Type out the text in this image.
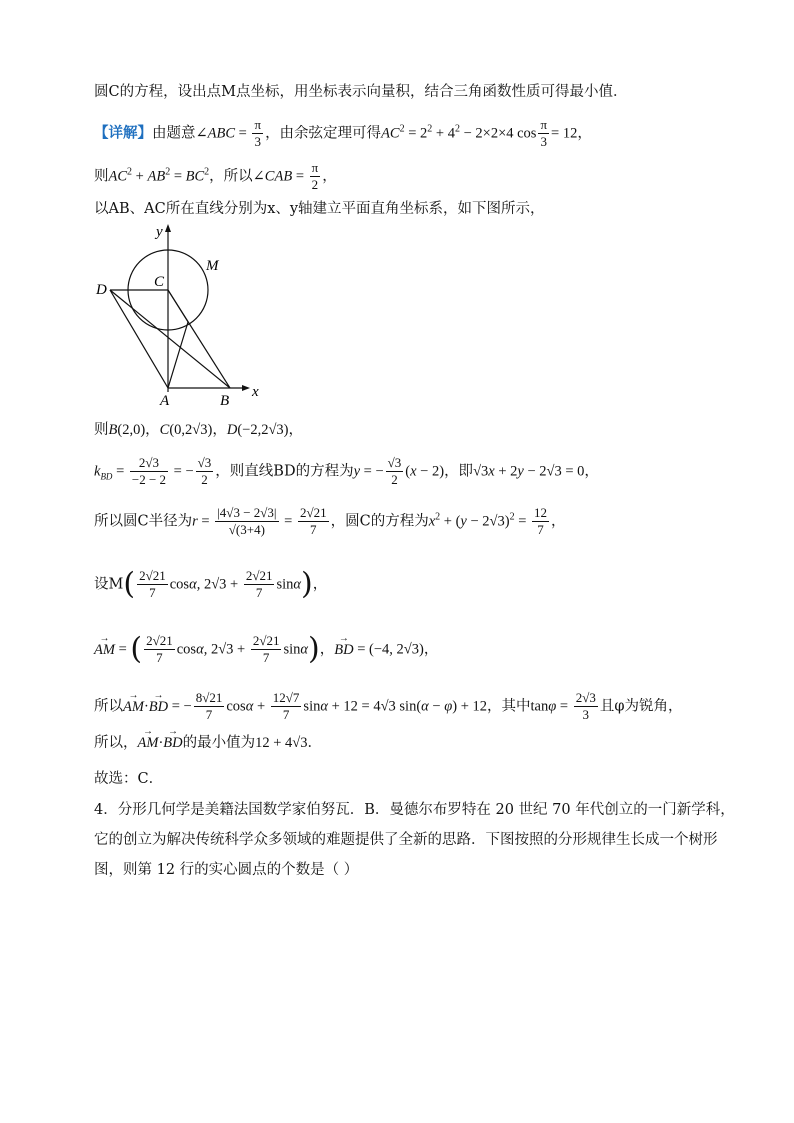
圆C的方程，设出点M点坐标，用坐标表示向量积，结合三角函数性质可得最小值．
【详解】由题意∠ABC = $\frac{\pi}{3}$ ，由余弦定理可得$AC^2 = 2^2 + 4^2 - 2\times 2\times 4$ $\cos \frac{\pi}{3} = 12$，
则$AC^2 + AB^2 = BC^2$，所以∠CAB = $\frac{\pi}{2}$ ，
以AB、AC所在直线分别为x、y轴建立平面直角坐标系，如下图所示，
y
x
C
M
D
A	B
则B(2,0)，C(0,2√3)，D(−2,2√3)，
$k_{BD} = \frac{2√3}{-2 - 2}$ = − $\frac{√3}{2}$ ，则直线BD的方程为y = − $\frac{√3}{2} (x - 2)$，即√3x + 2y − 2√3 = 0，
所以圆C半径为$r = \frac{|4√3 - 2√3|}{√(3+4)} = \frac{2√21}{7}$ ，圆C的方程为$x^2 + (y - 2√3)^2 = \frac{12}{7}$ ，
设$M( \frac{2√21}{7} \cos\alpha$, $2√3 + \frac{2√21}{7} \sin\alpha$)，
→ AM = ( $\frac{2√21}{7} \cos\alpha$, $2√3 + \frac{2√21}{7} \sin\alpha$)，→ BD = (−4, 2√3)，
所以→ AM·→ BD = − $\frac{8√21}{7}$ $\cos\alpha + \frac{12√7}{7}$ sinα + 12 = 4√3 sin(α − φ) + 12，其中$\tan\varphi = \frac{2√3}{3}$ 且φ为锐角，
所以，→ AM·→ BD的最小值为12 + 4√3．
故选：C．
4．分形几何学是美籍法国数学家伯努瓦．B．曼德尔布罗特在 20 世纪 70 年代创立的一门新学科，
它的创立为解决传统科学众多领域的难题提供了全新的思路．下图按照的分形规律生长成一个树形
图，则第 12 行的实心圆点的个数是（ ）
